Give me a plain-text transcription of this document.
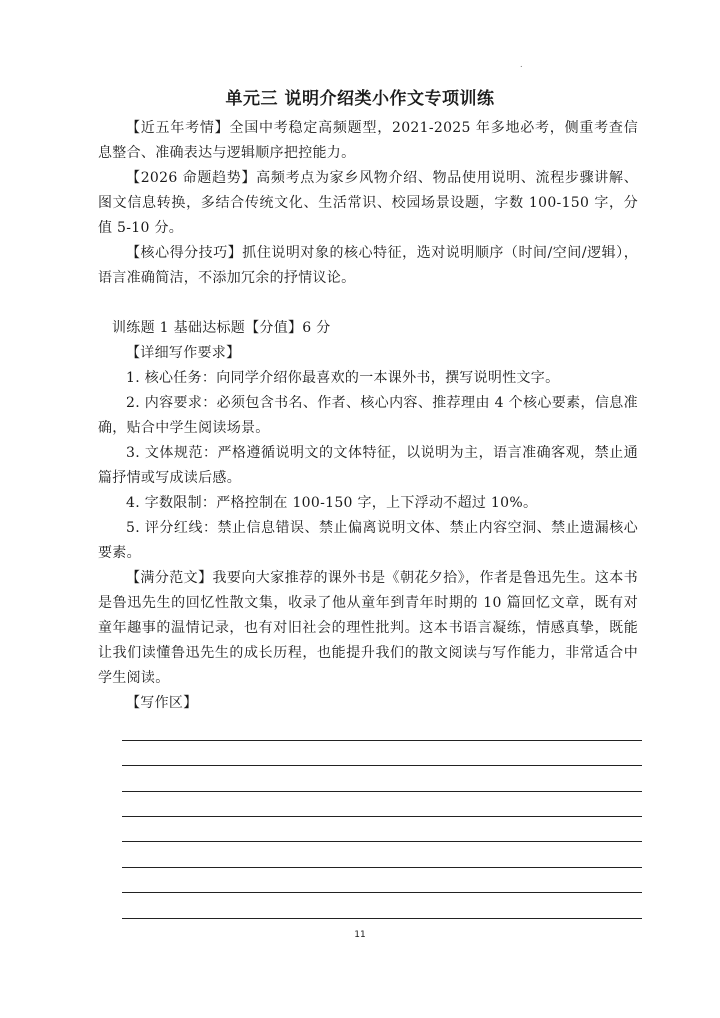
.
单元三 说明介绍类小作文专项训练

【近五年考情】全国中考稳定高频题型，2021-2025 年多地必考，侧重考查信息整合、准确表达与逻辑顺序把控能力。

【2026 命题趋势】高频考点为家乡风物介绍、物品使用说明、流程步骤讲解、图文信息转换，多结合传统文化、生活常识、校园场景设题，字数 100-150 字，分值 5-10 分。

【核心得分技巧】抓住说明对象的核心特征，选对说明顺序（时间/空间/逻辑），语言准确简洁，不添加冗余的抒情议论。

训练题 1 基础达标题【分值】6 分

【详细写作要求】

1. 核心任务：向同学介绍你最喜欢的一本课外书，撰写说明性文字。

2. 内容要求：必须包含书名、作者、核心内容、推荐理由 4 个核心要素，信息准确，贴合中学生阅读场景。

3. 文体规范：严格遵循说明文的文体特征，以说明为主，语言准确客观，禁止通篇抒情或写成读后感。

4. 字数限制：严格控制在 100-150 字，上下浮动不超过 10%。

5. 评分红线：禁止信息错误、禁止偏离说明文体、禁止内容空洞、禁止遗漏核心要素。

【满分范文】我要向大家推荐的课外书是《朝花夕拾》，作者是鲁迅先生。这本书是鲁迅先生的回忆性散文集，收录了他从童年到青年时期的 10 篇回忆文章，既有对童年趣事的温情记录，也有对旧社会的理性批判。这本书语言凝练，情感真挚，既能让我们读懂鲁迅先生的成长历程，也能提升我们的散文阅读与写作能力，非常适合中学生阅读。

【写作区】

11
